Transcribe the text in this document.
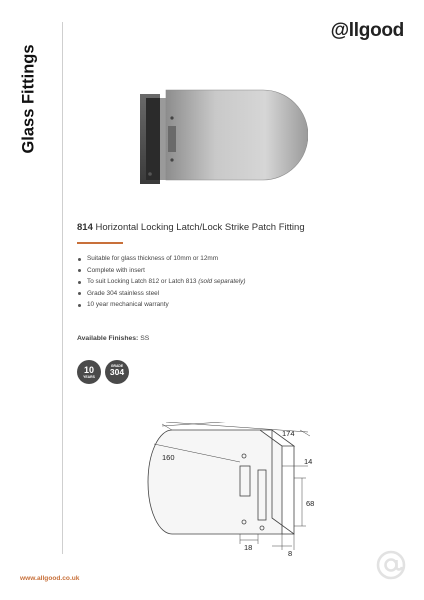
Glass Fittings
@llgood
814 Horizontal Locking Latch/Lock Strike Patch Fitting
Suitable for glass thickness of 10mm or 12mm
Complete with insert
To suit Locking Latch 812 or Latch 813 (sold separately)
Grade 304 stainless steel
10 year mechanical warranty
Available Finishes: SS
10
YEARS
GRADE
304
174
160	14
68
18
8
www.allgood.co.uk
